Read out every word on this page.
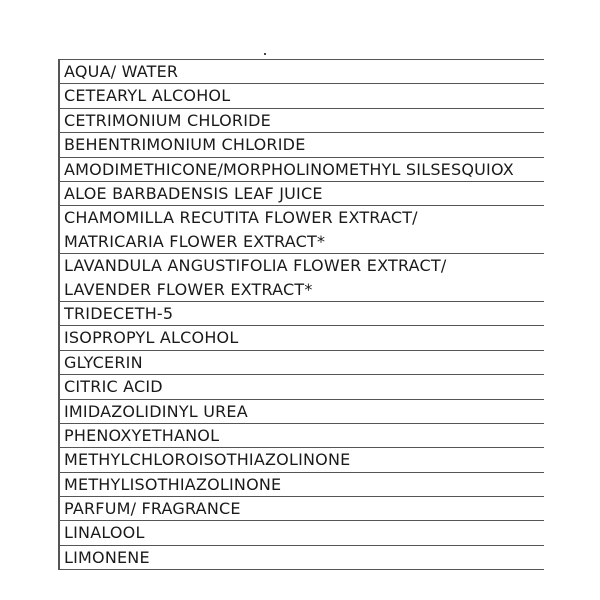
AQUA/ WATER
CETEARYL ALCOHOL
CETRIMONIUM CHLORIDE
BEHENTRIMONIUM CHLORIDE
AMODIMETHICONE/MORPHOLINOMETHYL SILSESQUIOX
ALOE BARBADENSIS LEAF JUICE
CHAMOMILLA RECUTITA FLOWER EXTRACT/
MATRICARIA FLOWER EXTRACT*
LAVANDULA ANGUSTIFOLIA FLOWER EXTRACT/
LAVENDER FLOWER EXTRACT*
TRIDECETH-5
ISOPROPYL ALCOHOL
GLYCERIN
CITRIC ACID
IMIDAZOLIDINYL UREA
PHENOXYETHANOL
METHYLCHLOROISOTHIAZOLINONE
METHYLISOTHIAZOLINONE
PARFUM/ FRAGRANCE
LINALOOL
LIMONENE
